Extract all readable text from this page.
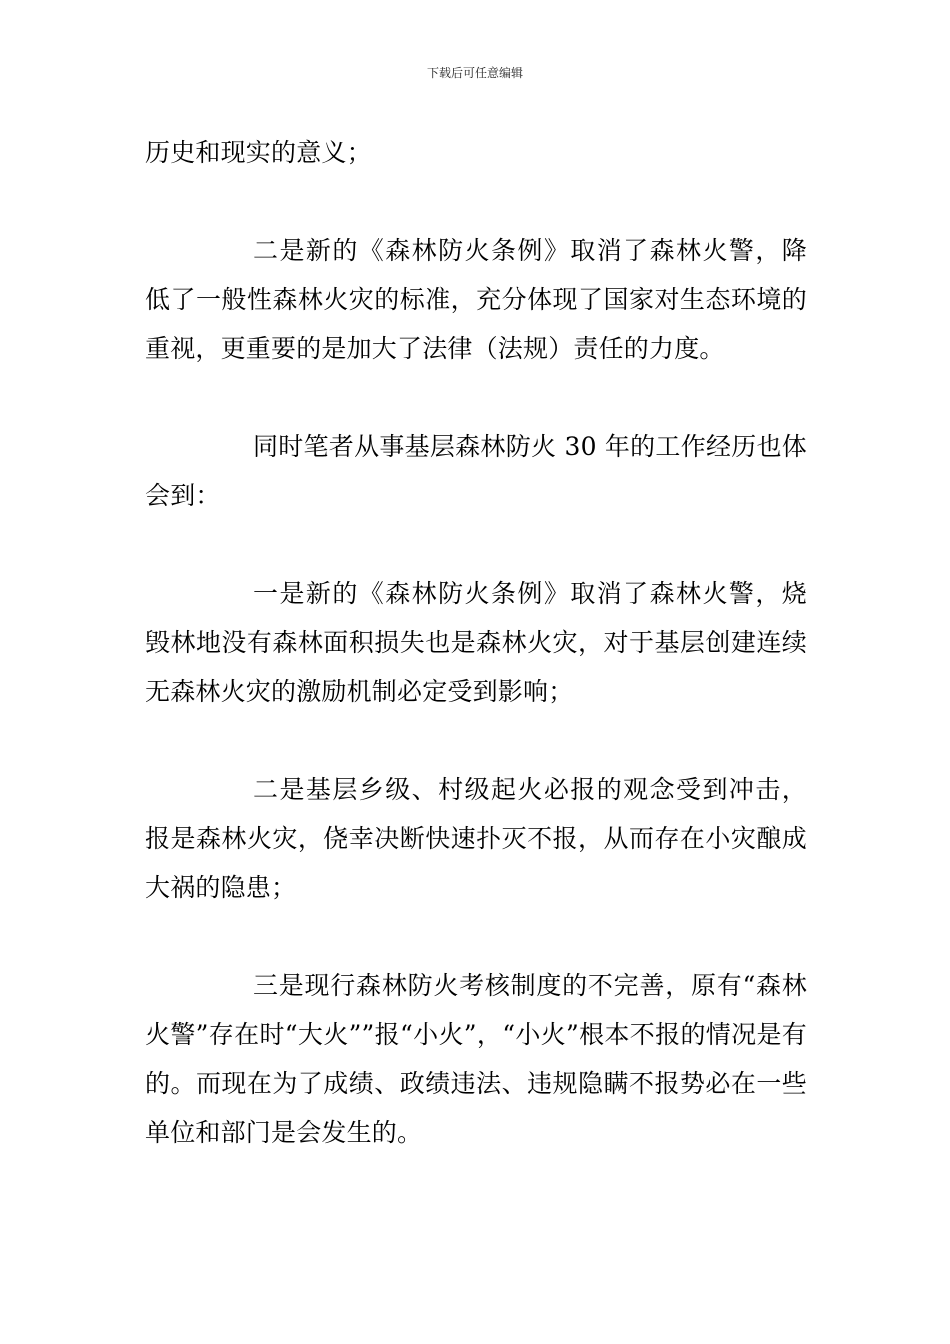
下载后可任意编辑

历史和现实的意义；

二是新的《森林防火条例》取消了森林火警，降低了一般性森林火灾的标准，充分体现了国家对生态环境的重视，更重要的是加大了法律（法规）责任的力度。

同时笔者从事基层森林防火 30 年的工作经历也体会到：

一是新的《森林防火条例》取消了森林火警，烧毁林地没有森林面积损失也是森林火灾，对于基层创建连续无森林火灾的激励机制必定受到影响；

二是基层乡级、村级起火必报的观念受到冲击，报是森林火灾，侥幸决断快速扑灭不报，从而存在小灾酿成大祸的隐患；

三是现行森林防火考核制度的不完善，原有“森林火警”存在时“大火””报“小火”，“小火”根本不报的情况是有的。而现在为了成绩、政绩违法、违规隐瞒不报势必在一些单位和部门是会发生的。
